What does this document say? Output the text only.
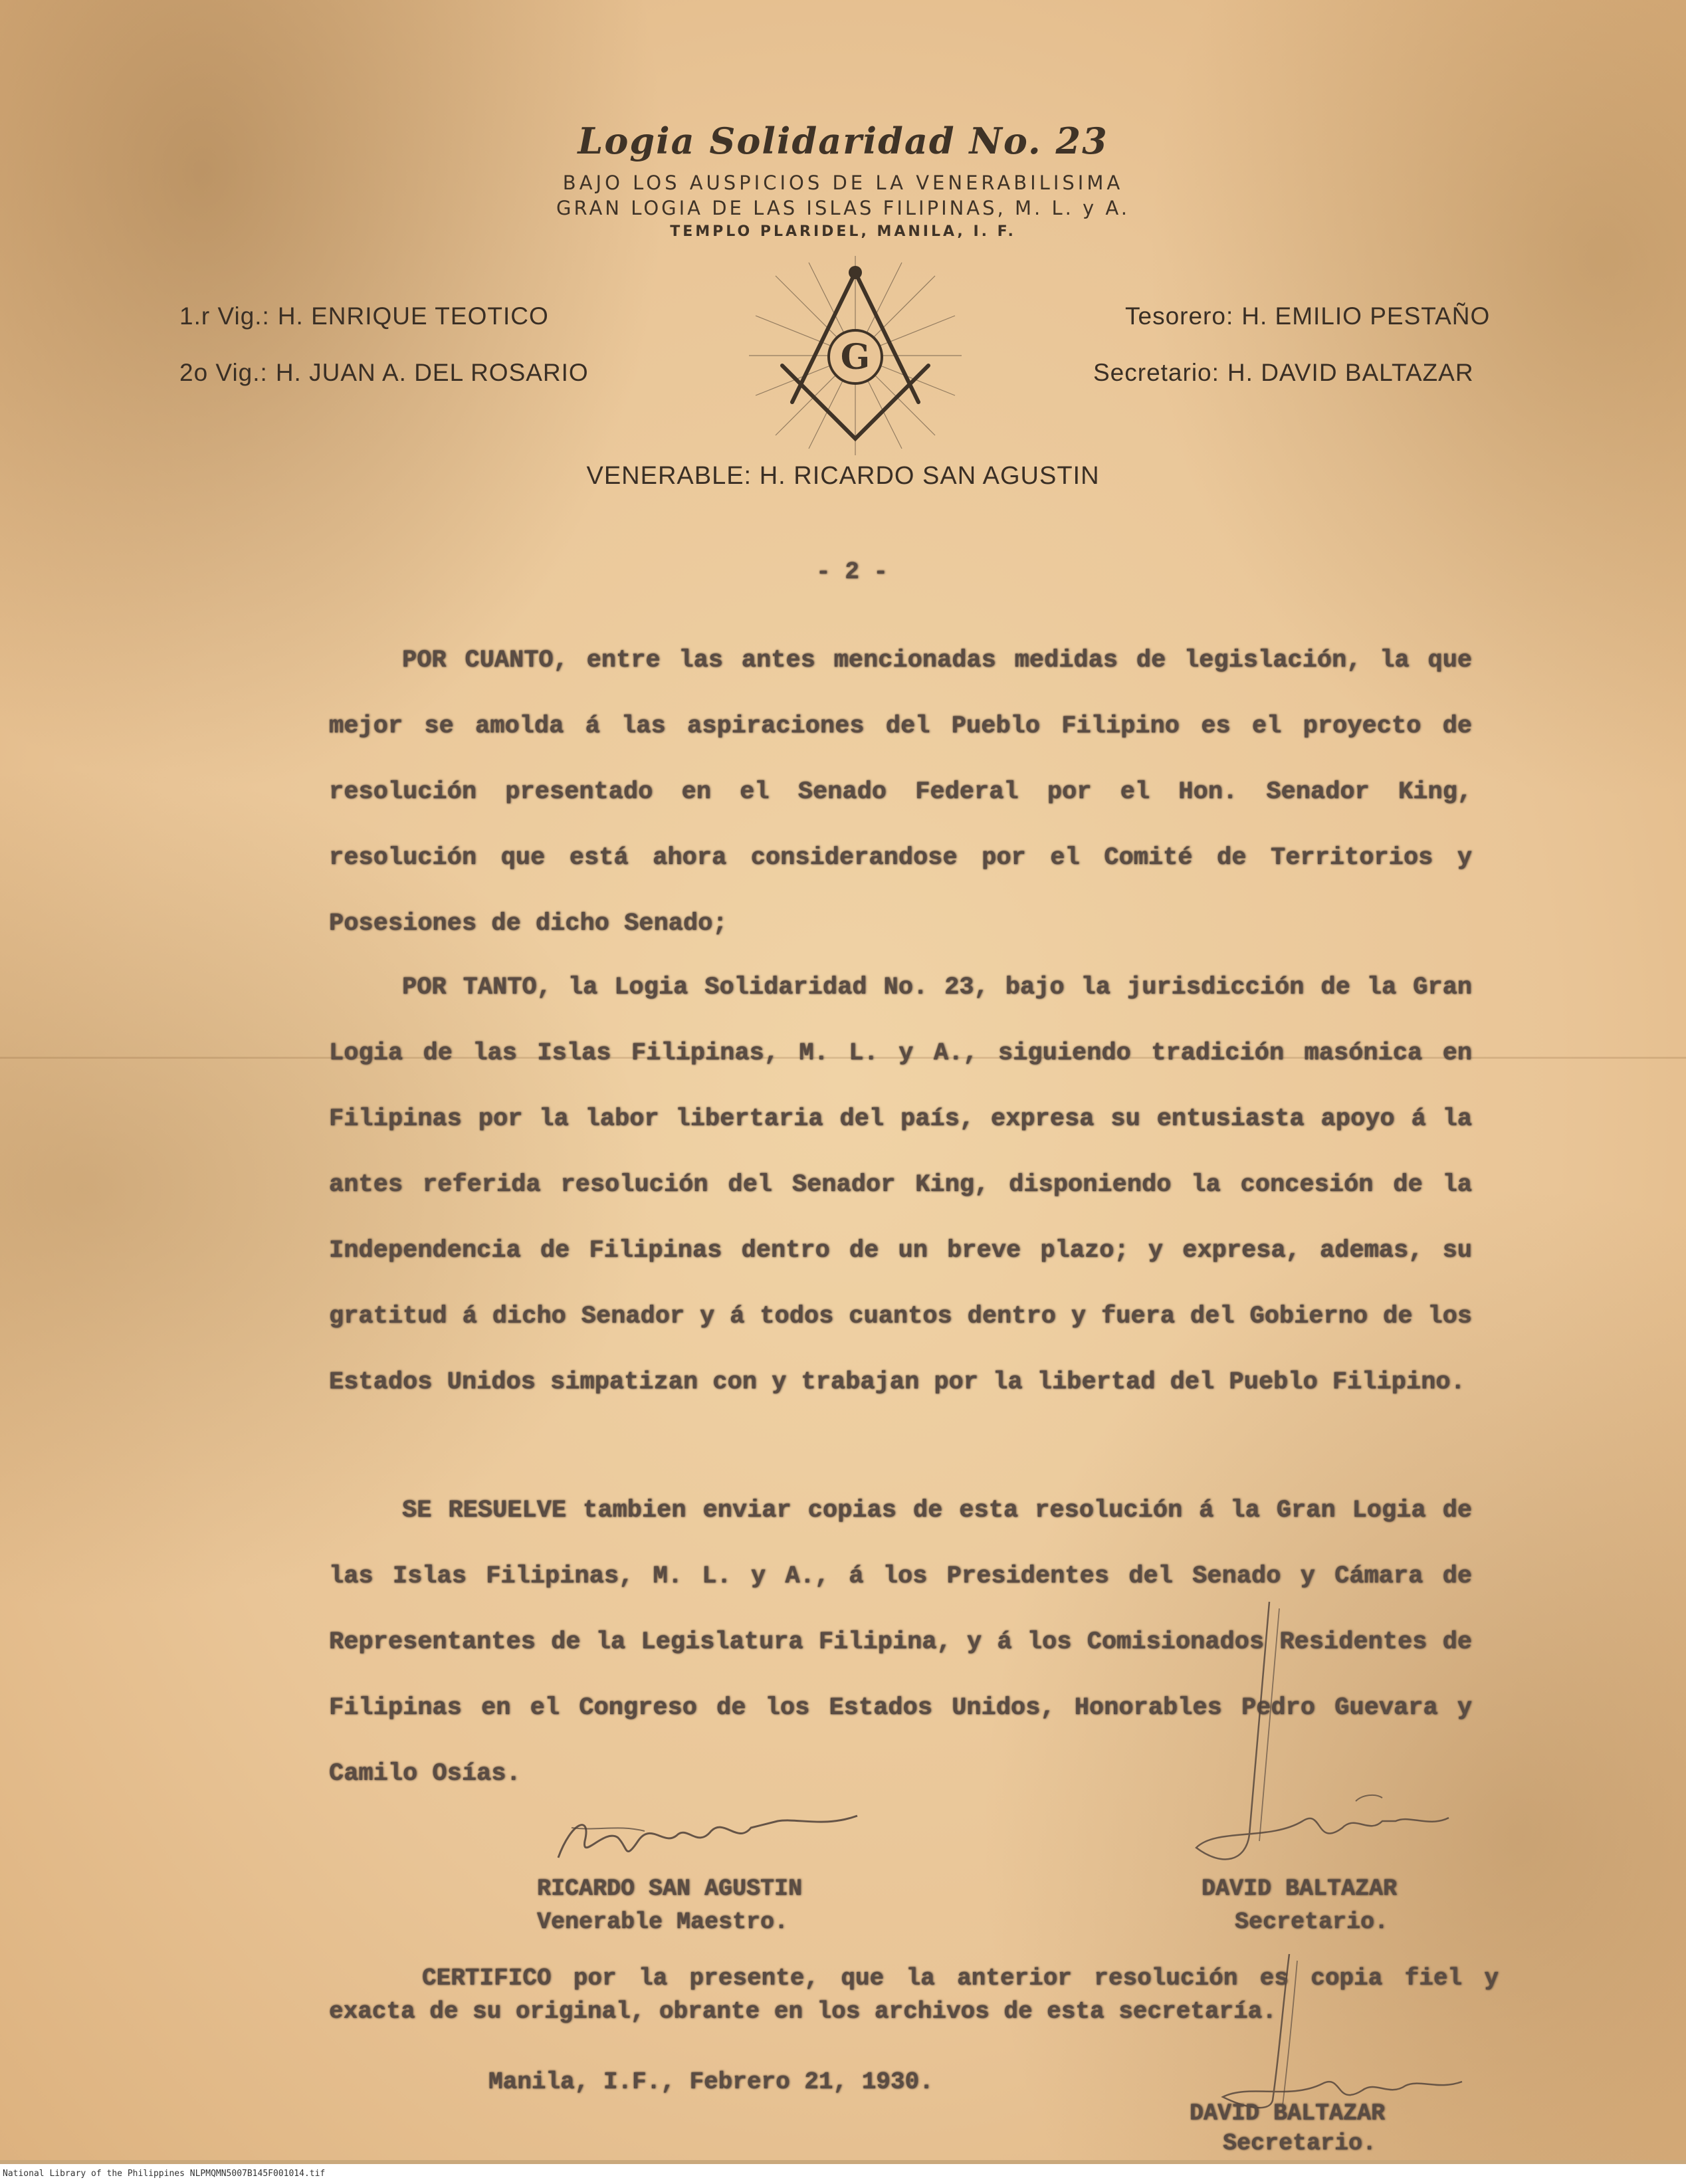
Logia Solidaridad No. 23
BAJO LOS AUSPICIOS DE LA VENERABILISIMA
GRAN LOGIA DE LAS ISLAS FILIPINAS, M. L. y A.
TEMPLO PLARIDEL, MANILA, I. F.
1.r Vig.: H. ENRIQUE TEOTICO
2o Vig.: H. JUAN A. DEL ROSARIO
Tesorero: H. EMILIO PESTAÑO
Secretario: H. DAVID BALTAZAR
G
VENERABLE: H. RICARDO SAN AGUSTIN
- 2 -

POR CUANTO, entre las antes mencionadas medidas de legislación, la que mejor se amolda á las aspiraciones del Pueblo Filipino es el proyecto de resolución presentado en el Senado Federal por el Hon. Senador King, resolución que está ahora considerandose por el Comité de Territorios y Posesiones de dicho Senado;

POR TANTO, la Logia Solidaridad No. 23, bajo la jurisdicción de la Gran Logia de las Islas Filipinas, M. L. y A., siguiendo tradición masónica en Filipinas por la labor libertaria del país, expresa su entusiasta apoyo á la antes referida resolución del Senador King, disponiendo la concesión de la Independencia de Filipinas dentro de un breve plazo; y expresa, ademas, su gratitud á dicho Senador y á todos cuantos dentro y fuera del Gobierno de los Estados Unidos simpatizan con y trabajan por la libertad del Pueblo Filipino.

SE RESUELVE tambien enviar copias de esta resolución á la Gran Logia de las Islas Filipinas, M. L. y A., á los Presidentes del Senado y Cámara de Representantes de la Legislatura Filipina, y á los Comisionados Residentes de Filipinas en el Congreso de los Estados Unidos, Honorables Pedro Guevara y Camilo Osías.

RICARDO SAN AGUSTIN
Venerable Maestro.
DAVID BALTAZAR
Secretario.

CERTIFICO por la presente, que la anterior resolución es copia fiel y exacta de su original, obrante en los archivos de esta secretaría.

Manila, I.F., Febrero 21, 1930.
DAVID BALTAZAR
Secretario.
National Library of the Philippines NLPMQMN5007B145F001014.tif
